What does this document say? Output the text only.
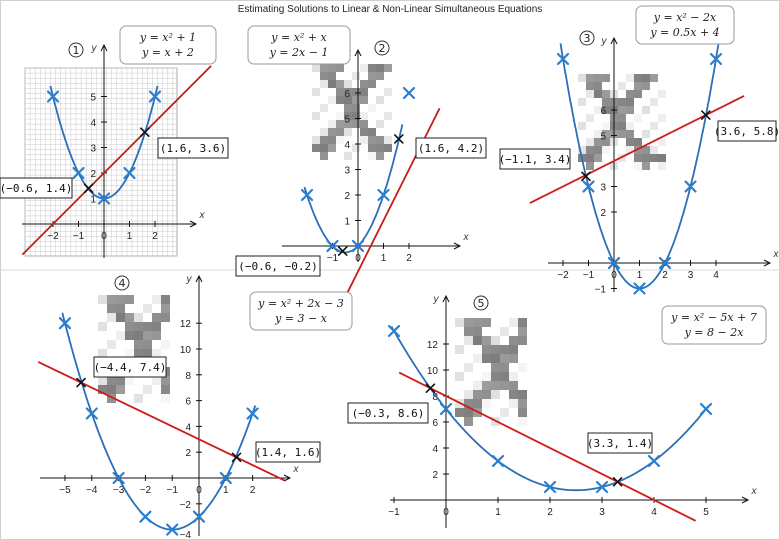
Estimating Solutions to Linear & Non-Linear Simultaneous Equations
x
y
−2 −1 0 1 2
1
2
3
4
5
y = x² + 1
y = x + 2
1
(−0.6, 1.4)
(1.6, 3.6)
x
−1 0 1 2
1
2
3
4
5
6
y = x² + x
y = 2x − 1	2
(−0.6, −0.2)
(1.6, 4.2)
x
y
−2 −1 0 1 2 3 4
−1
2
3
5
6
y = x² − 2x
y = 0.5x + 4
3
(−1.1, 3.4)
(3.6, 5.8)
x
y
−5 −4 −3 −2 −1 0 1 2
−2
2
4
6
8
10
12
−4
y = x² + 2x − 3
y = 3 − x
4
(−4.4, 7.4)
(1.4, 1.6)
x
y
−1	0	1	2	3	4	5
2
4
6
8
10
12
y = x² − 5x + 7
y = 8 − 2x
5
(−0.3, 8.6)
(3.3, 1.4)
